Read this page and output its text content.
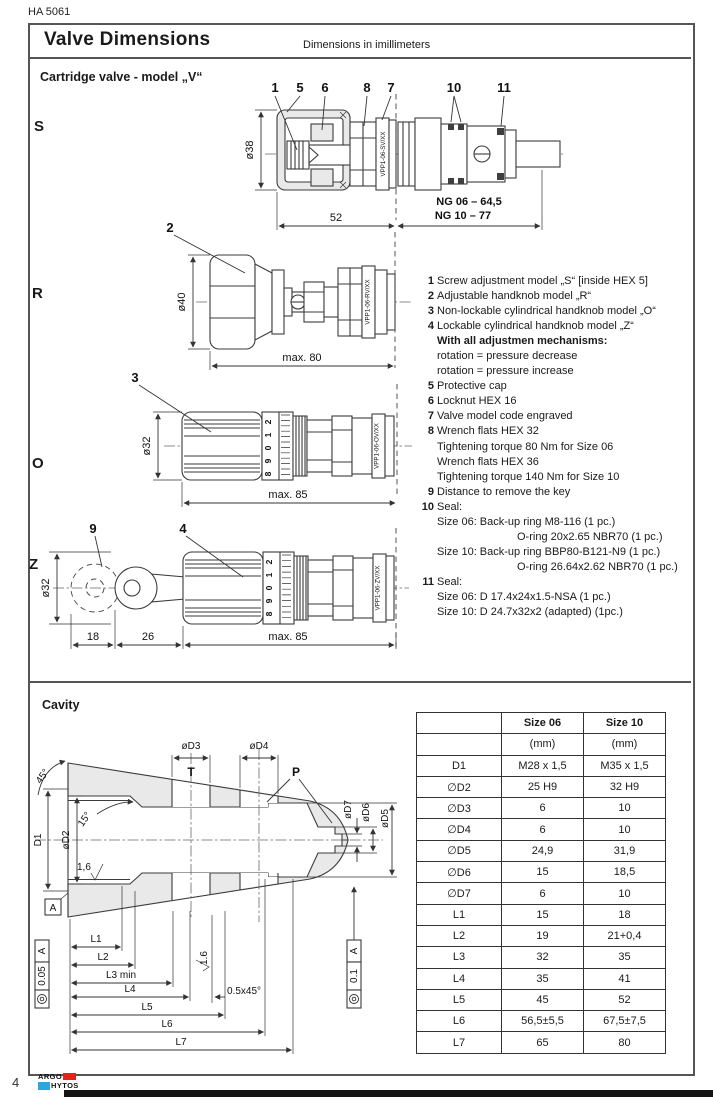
HA 5061
Valve Dimensions	Dimensions in imillimeters
Cartridge valve - model „V“
S
R
O
Z
VPP1-06-SV/XX
1 5 6	8 7	10	11
ø38
52
NG 06 – 64,5
NG 10 – 77
VPP1-06-RV/XX
2
ø40
max. 80
2
1
0
9
8
VPP1-06-OV/XX
3
ø32
max. 85
2
1
0
9
8
VPP1-06-ZV/XX
9	4
ø32
18	26	max. 85
1 Screw adjustment model „S“ [inside HEX 5]
2 Adjustable handknob model „R“
3 Non-lockable cylindrical handknob model „O“
4 Lockable cylindrical handknob model „Z“
With all adjustmen mechanisms:
rotation = pressure decrease
rotation = pressure increase
5 Protective cap
6 Locknut HEX 16
7 Valve model code engraved
8 Wrench flats HEX 32
Tightening torque 80 Nm for Size 06
Wrench flats HEX 36
Tightening torque 140 Nm for Size 10
9 Distance to remove the key
10 Seal:
Size 06: Back-up ring M8-116 (1 pc.)
O-ring 20x2.65 NBR70 (1 pc.)
Size 10: Back-up ring BBP80-B121-N9 (1 pc.)
O-ring 26.64x2.62 NBR70 (1 pc.)
11 Seal:
Size 06: D 17.4x24x1.5-NSA (1 pc.)
Size 10: D 24.7x32x2 (adapted) (1pc.)
Cavity
øD3	øD4
T	P
45°
15°
1,6
D1 øD2
øD7 øD6 øD5
A
A
0.05
A
0.1
1.6
0.5x45°
L1
L2
L3 min
L4
L5
L6
L7
	Size 06	Size 10
	(mm)	(mm)
D1	M28 x 1,5	M35 x 1,5
∅D2	25 H9	32 H9
∅D3	6	10
∅D4	6	10
∅D5	24,9	31,9
∅D6	15	18,5
∅D7	6	10
L1	15	18
L2	19	21+0,4
L3	32	35
L4	35	41
L5	45	52
L6	56,5±5,5	67,5±7,5
L7	65	80
4	ARGO
HYTOS
